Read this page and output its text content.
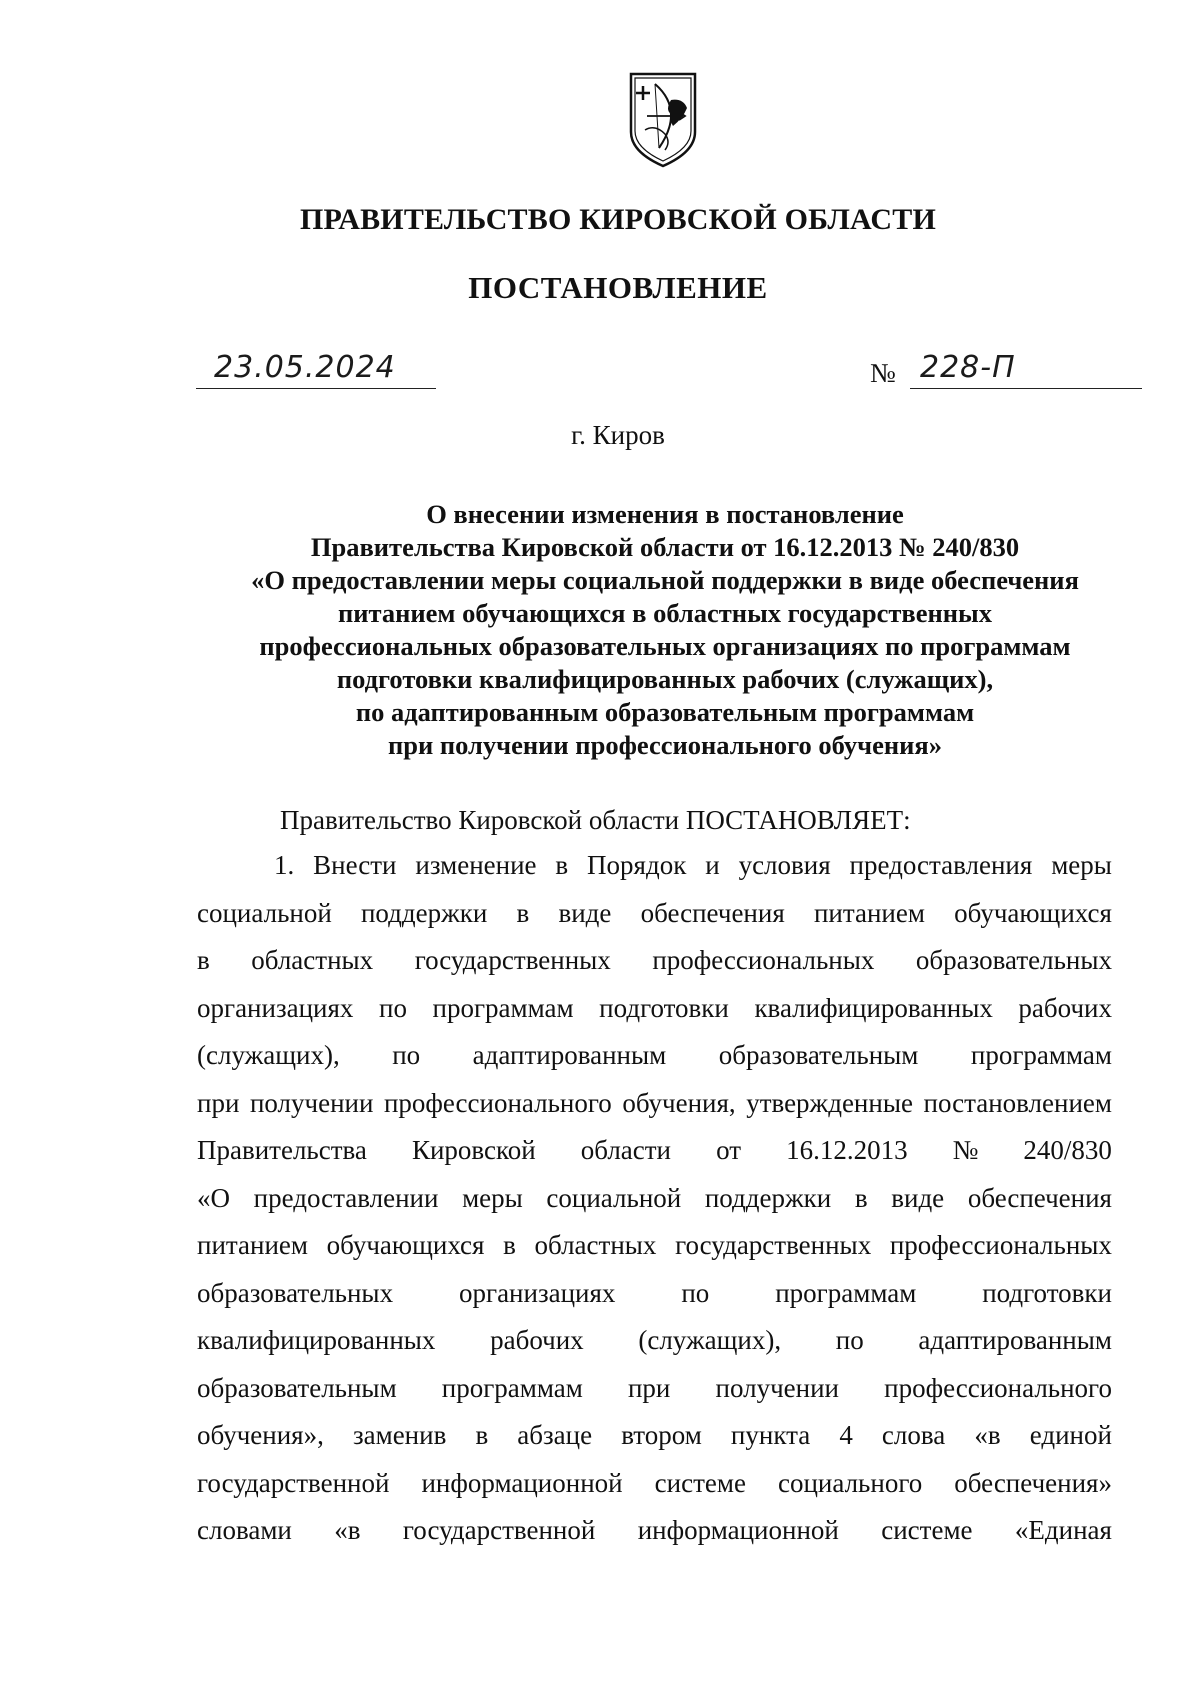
ПРАВИТЕЛЬСТВО КИРОВСКОЙ ОБЛАСТИ
ПОСТАНОВЛЕНИЕ
23.05.2024	№ 228-П
г. Киров
О внесении изменения в постановление
Правительства Кировской области от 16.12.2013 № 240/830
«О предоставлении меры социальной поддержки в виде обеспечения
питанием обучающихся в областных государственных
профессиональных образовательных организациях по программам
подготовки квалифицированных рабочих (служащих),
по адаптированным образовательным программам
при получении профессионального обучения»
Правительство Кировской области ПОСТАНОВЛЯЕТ:
1. Внести изменение в Порядок и условия предоставления меры
социальной поддержки в виде обеспечения питанием обучающихся
в областных государственных профессиональных образовательных
организациях по программам подготовки квалифицированных рабочих
(служащих), по адаптированным образовательным программам
при получении профессионального обучения, утвержденные постановлением
Правительства Кировской области от 16.12.2013 № 240/830
«О предоставлении меры социальной поддержки в виде обеспечения
питанием обучающихся в областных государственных профессиональных
образовательных организациях по программам подготовки
квалифицированных рабочих (служащих), по адаптированным
образовательным программам при получении профессионального
обучения», заменив в абзаце втором пункта 4 слова «в единой
государственной информационной системе социального обеспечения»
словами «в государственной информационной системе «Единая
